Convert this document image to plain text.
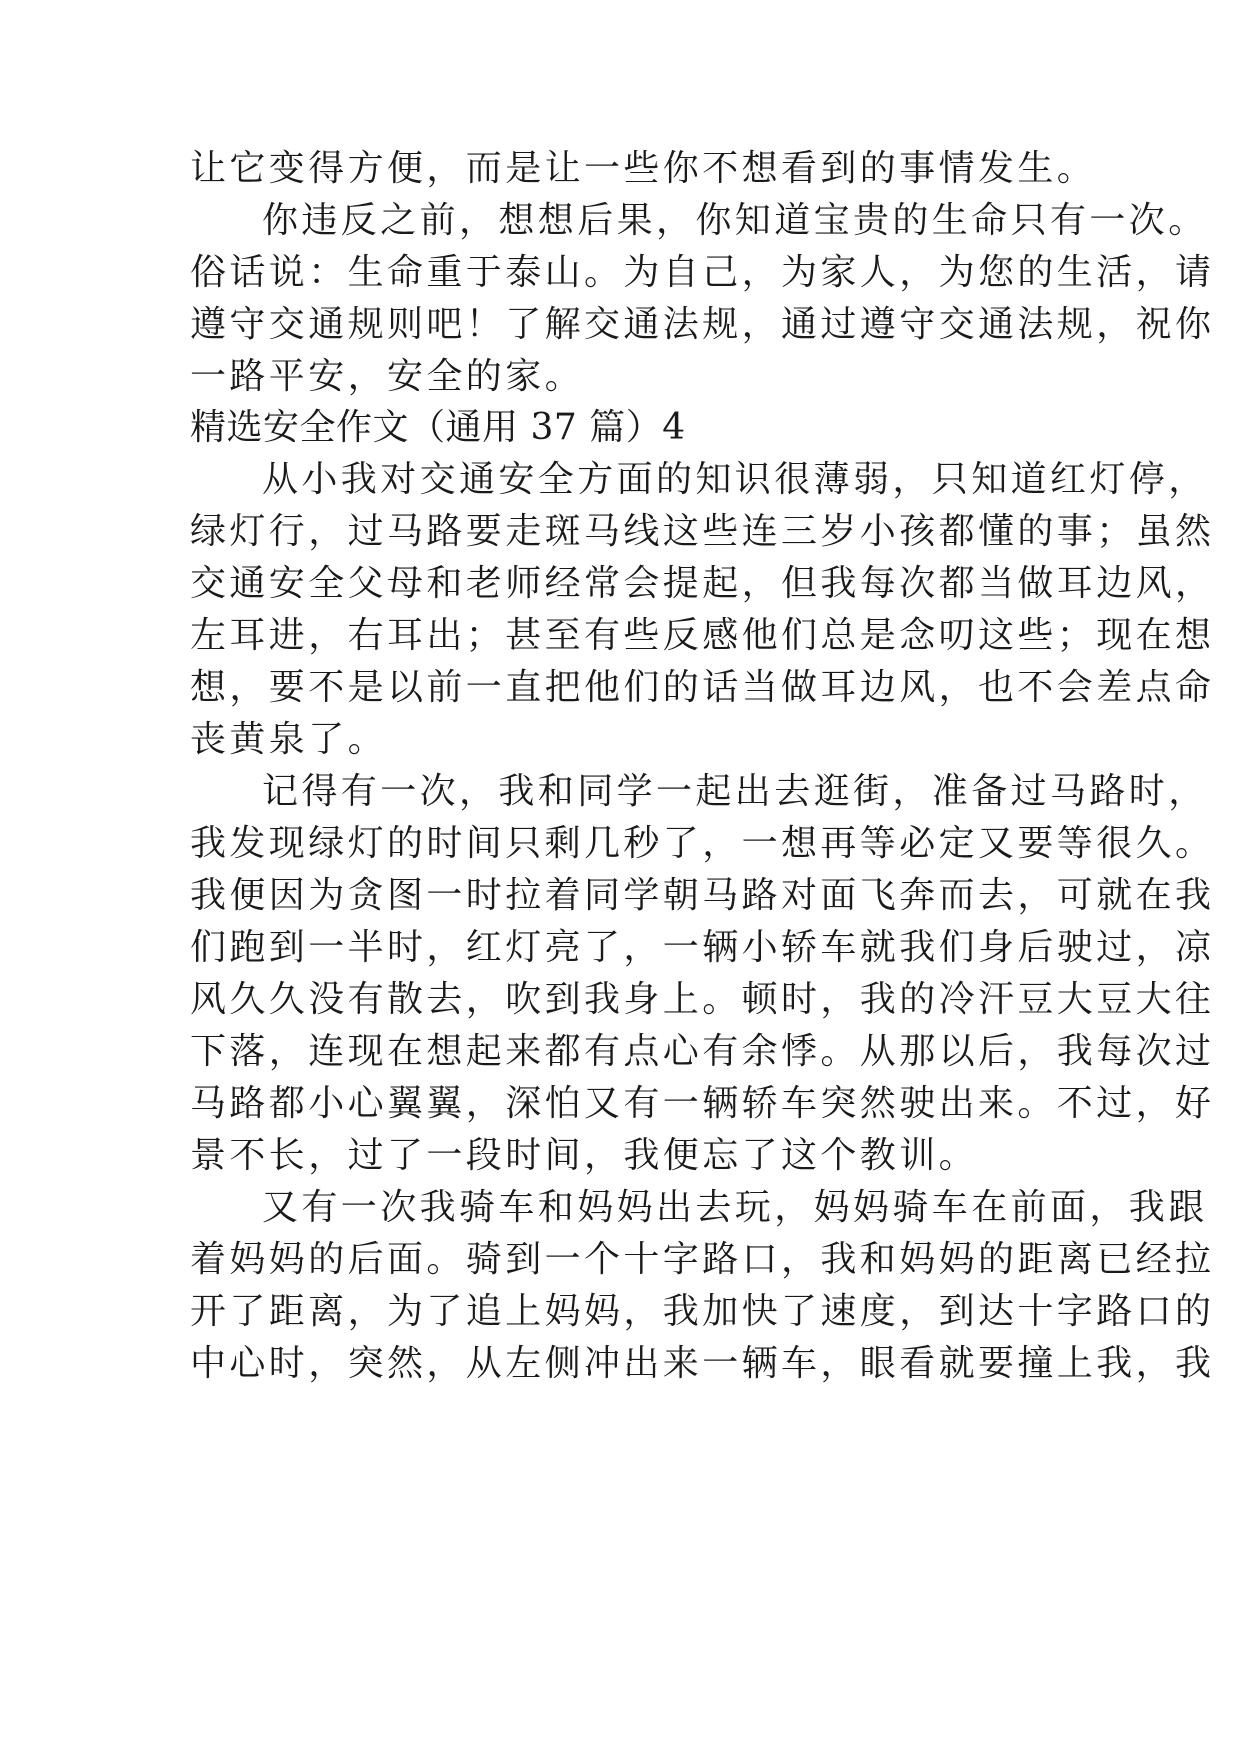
让它变得方便，而是让一些你不想看到的事情发生。
你违反之前，想想后果，你知道宝贵的生命只有一次。
俗话说：生命重于泰山。为自己，为家人，为您的生活，请
遵守交通规则吧！了解交通法规，通过遵守交通法规，祝你
一路平安，安全的家。
精选安全作文（通用 37 篇）4
从小我对交通安全方面的知识很薄弱，只知道红灯停，
绿灯行，过马路要走斑马线这些连三岁小孩都懂的事；虽然
交通安全父母和老师经常会提起，但我每次都当做耳边风，
左耳进，右耳出；甚至有些反感他们总是念叨这些；现在想
想，要不是以前一直把他们的话当做耳边风，也不会差点命
丧黄泉了。
记得有一次，我和同学一起出去逛街，准备过马路时，
我发现绿灯的时间只剩几秒了，一想再等必定又要等很久。
我便因为贪图一时拉着同学朝马路对面飞奔而去，可就在我
们跑到一半时，红灯亮了，一辆小轿车就我们身后驶过，凉
风久久没有散去，吹到我身上。顿时，我的冷汗豆大豆大往
下落，连现在想起来都有点心有余悸。从那以后，我每次过
马路都小心翼翼，深怕又有一辆轿车突然驶出来。不过，好
景不长，过了一段时间，我便忘了这个教训。
又有一次我骑车和妈妈出去玩，妈妈骑车在前面，我跟
着妈妈的后面。骑到一个十字路口，我和妈妈的距离已经拉
开了距离，为了追上妈妈，我加快了速度，到达十字路口的
中心时，突然，从左侧冲出来一辆车，眼看就要撞上我，我
